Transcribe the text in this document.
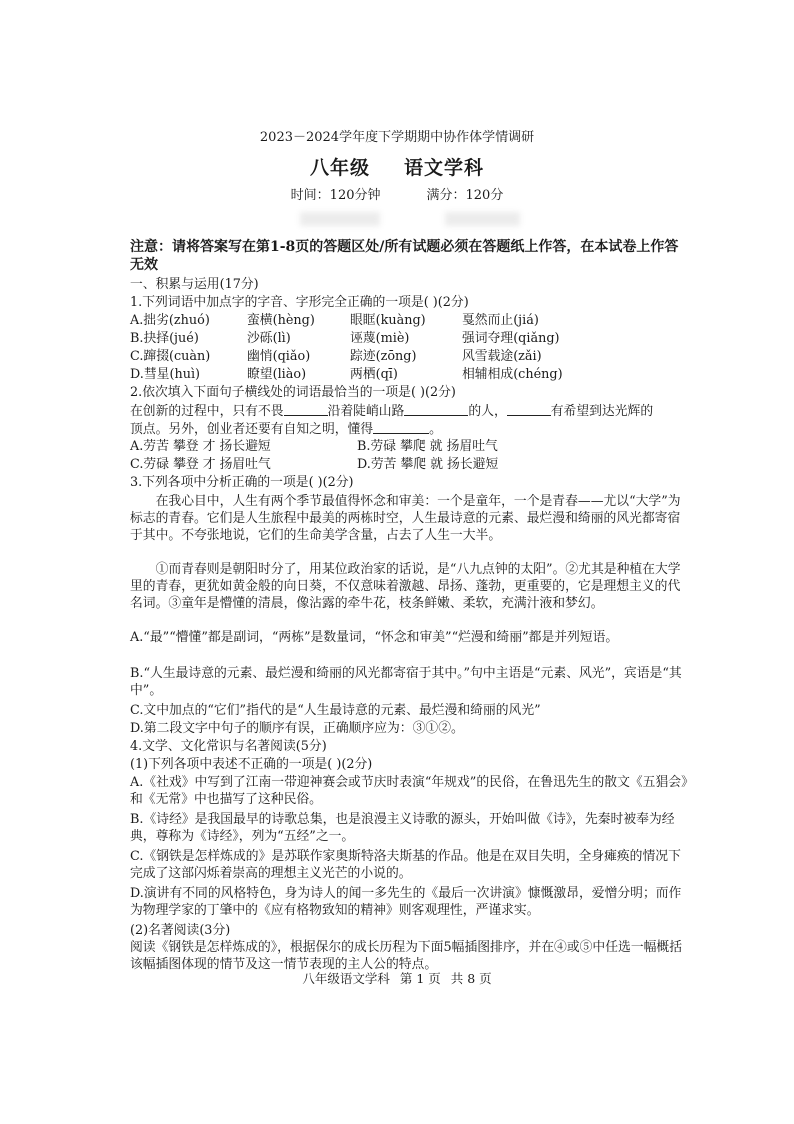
2023－2024学年度下学期期中协作体学情调研
八年级 语文学科
时间：120分钟	满分：120分
注意：请将答案写在第1-8页的答题区处/所有试题必须在答题纸上作答，在本试卷上作答无效
一、积累与运用(17分)
1.下列词语中加点字的字音、字形完全正确的一项是( )(2分)
A.拙劣(zhuó)	蛮横(hèng)	眼眶(kuàng)	戛然而止(jiá)
B.抉择(jué)	沙砾(lì)	诬蔑(miè)	强词夺理(qiǎng)
C.蹿掇(cuàn)	幽悄(qiǎo)	踪迹(zōng)	风雪载途(zǎi)
D.彗星(huì)	瞭望(liào)	两栖(qī)	相辅相成(chéng)
2.依次填入下面句子横线处的词语最恰当的一项是( )(2分)
在创新的过程中，只有不畏	沿着陡峭山路	的人，	有希望到达光辉的
顶点。另外，创业者还要有自知之明，懂得	。
A.劳苦 攀登 才 扬长避短	B.劳碌 攀爬 就 扬眉吐气
C.劳碌 攀登 才 扬眉吐气	D.劳苦 攀爬 就 扬长避短
3.下列各项中分析正确的一项是( )(2分)
在我心目中，人生有两个季节最值得怀念和审美：一个是童年，一个是青春——尤以“大学”为标志的青春。它们是人生旅程中最美的两栋时空，人生最诗意的元素、最烂漫和绮丽的风光都寄宿于其中。不夸张地说，它们的生命美学含量，占去了人生一大半。
①而青春则是朝阳时分了，用某位政治家的话说，是“八九点钟的太阳”。②尤其是种植在大学里的青春，更犹如黄金般的向日葵，不仅意味着激越、昂扬、蓬勃，更重要的，它是理想主义的代名词。③童年是懵懂的清晨，像沾露的牵牛花，枝条鲜嫩、柔软，充满汁液和梦幻。
A.“最”“懵懂”都是副词，“两栋”是数量词，“怀念和审美”“烂漫和绮丽”都是并列短语。
B.“人生最诗意的元素、最烂漫和绮丽的风光都寄宿于其中。”句中主语是“元素、风光”，宾语是“其中”。
C.文中加点的“它们”指代的是“人生最诗意的元素、最烂漫和绮丽的风光”
D.第二段文字中句子的顺序有误，正确顺序应为：③①②。
4.文学、文化常识与名著阅读(5分)
(1)下列各项中表述不正确的一项是( )(2分)
A.《社戏》中写到了江南一带迎神赛会或节庆时表演“年规戏”的民俗，在鲁迅先生的散文《五猖会》和《无常》中也描写了这种民俗。
B.《诗经》是我国最早的诗歌总集，也是浪漫主义诗歌的源头，开始叫做《诗》，先秦时被奉为经典，尊称为《诗经》，列为“五经”之一。
C.《钢铁是怎样炼成的》是苏联作家奥斯特洛夫斯基的作品。他是在双目失明，全身瘫痪的情况下完成了这部闪烁着崇高的理想主义光芒的小说的。
D.演讲有不同的风格特色，身为诗人的闻一多先生的《最后一次讲演》慷慨激昂，爱憎分明；而作为物理学家的丁肇中的《应有格物致知的精神》则客观理性，严谨求实。
(2)名著阅读(3分)
阅读《钢铁是怎样炼成的》，根据保尔的成长历程为下面5幅插图排序，并在④或⑤中任选一幅概括该幅插图体现的情节及这一情节表现的主人公的特点。
八年级语文学科 第 1 页 共 8 页
